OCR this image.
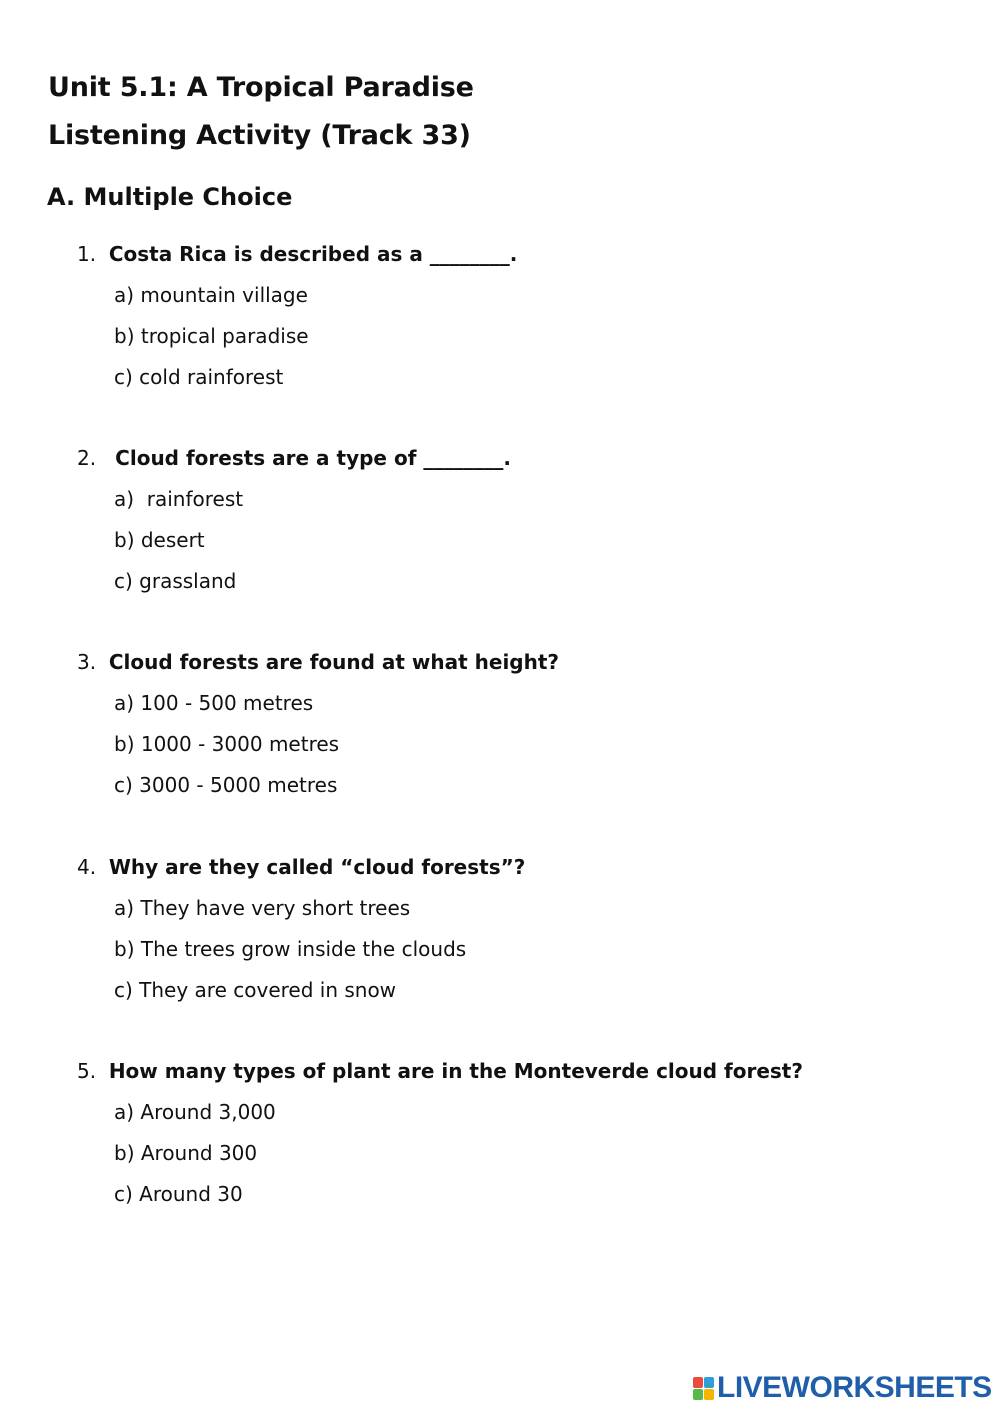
Unit 5.1: A Tropical Paradise
Listening Activity (Track 33)
A. Multiple Choice
1. Costa Rica is described as a ________.
a) mountain village
b) tropical paradise
c) cold rainforest
2. Cloud forests are a type of ________.
a)  rainforest
b) desert
c) grassland
3. Cloud forests are found at what height?
a) 100 - 500 metres
b) 1000 - 3000 metres
c) 3000 - 5000 metres
4. Why are they called “cloud forests”?
a) They have very short trees
b) The trees grow inside the clouds
c) They are covered in snow
5. How many types of plant are in the Monteverde cloud forest?
a) Around 3,000
b) Around 300
c) Around 30
LIVEWORKSHEETS
